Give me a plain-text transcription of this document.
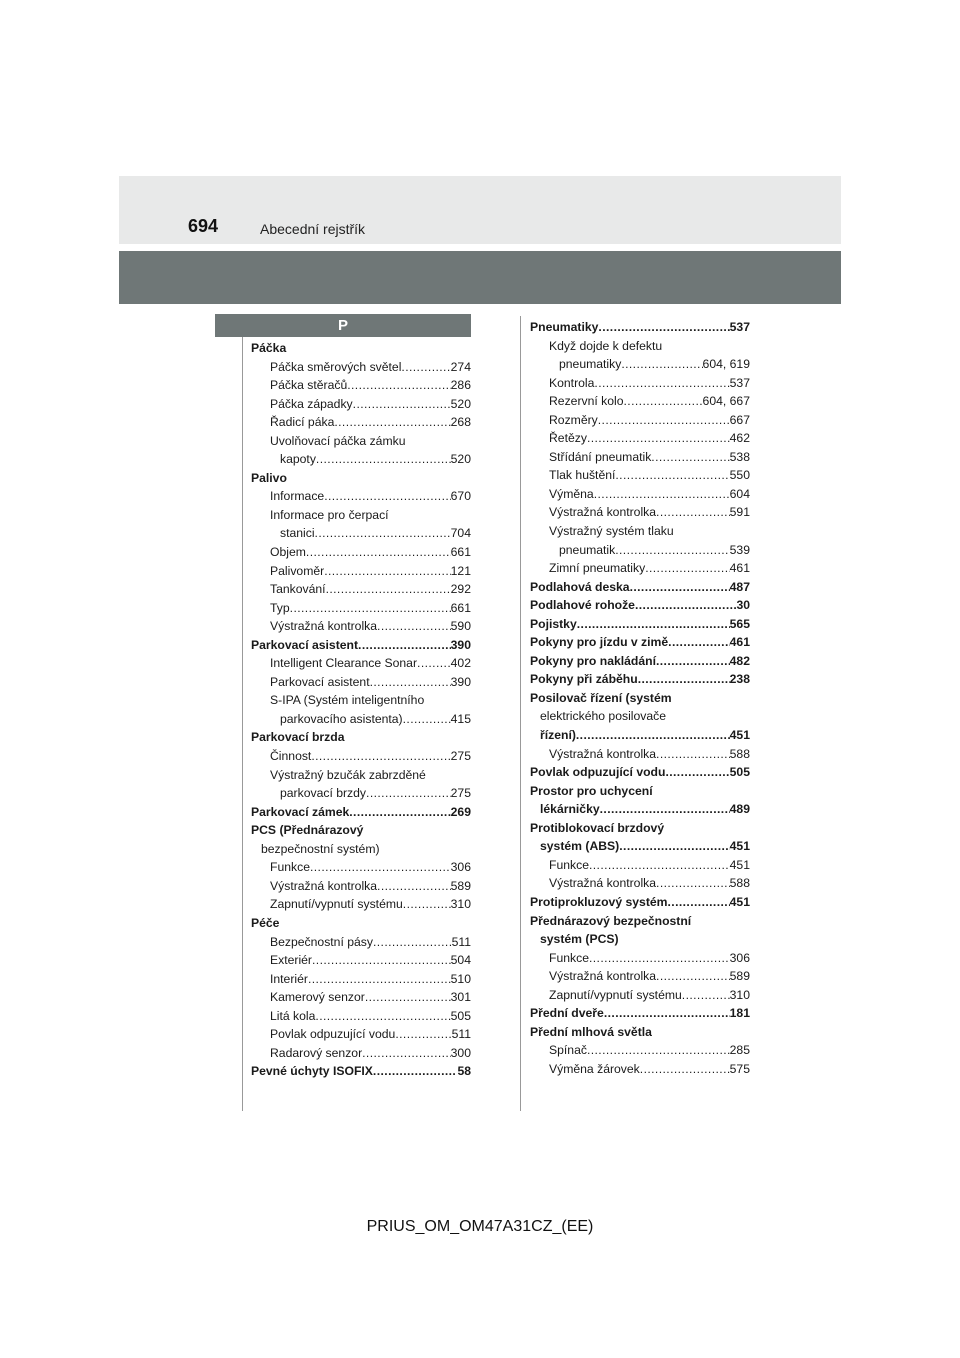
694	Abecední rejstřík
P
Páčka
Páčka směrových světel .....	274
Páčka stěračů .....	286
Páčka západky .....	520
Řadicí páka .....	268
Uvolňovací páčka zámku
kapoty .....	520
Palivo
Informace .....	670
Informace pro čerpací
stanici .....	704
Objem .....	661
Palivoměr .....	121
Tankování .....	292
Typ .....	661
Výstražná kontrolka .....	590
Parkovací asistent .....	390
Intelligent Clearance Sonar .....	402
Parkovací asistent .....	390
S-IPA (Systém inteligentního
parkovacího asistenta) .....	415
Parkovací brzda
Činnost .....	275
Výstražný bzučák zabrzděné
parkovací brzdy .....	275
Parkovací zámek .....	269
PCS (Přednárazový
bezpečnostní systém)
Funkce .....	306
Výstražná kontrolka .....	589
Zapnutí/vypnutí systému .....	310
Péče
Bezpečnostní pásy .....	511
Exteriér .....	504
Interiér .....	510
Kamerový senzor .....	301
Litá kola .....	505
Povlak odpuzující vodu .....	511
Radarový senzor .....	300
Pevné úchyty ISOFIX .....	58
Pneumatiky .....	537
Když dojde k defektu
pneumatiky .....	604, 619
Kontrola .....	537
Rezervní kolo .....	604, 667
Rozměry .....	667
Řetězy .....	462
Střídání pneumatik .....	538
Tlak huštění .....	550
Výměna .....	604
Výstražná kontrolka .....	591
Výstražný systém tlaku
pneumatik .....	539
Zimní pneumatiky .....	461
Podlahová deska .....	487
Podlahové rohože .....	30
Pojistky .....	565
Pokyny pro jízdu v zimě .....	461
Pokyny pro nakládání .....	482
Pokyny při záběhu .....	238
Posilovač řízení (systém
elektrického posilovače
řízení) .....	451
Výstražná kontrolka .....	588
Povlak odpuzující vodu .....	505
Prostor pro uchycení
lékárničky .....	489
Protiblokovací brzdový
systém (ABS) .....	451
Funkce .....	451
Výstražná kontrolka .....	588
Protiprokluzový systém .....	451
Přednárazový bezpečnostní
systém (PCS)
Funkce .....	306
Výstražná kontrolka .....	589
Zapnutí/vypnutí systému .....	310
Přední dveře .....	181
Přední mlhová světla
Spínač .....	285
Výměna žárovek .....	575
PRIUS_OM_OM47A31CZ_(EE)
